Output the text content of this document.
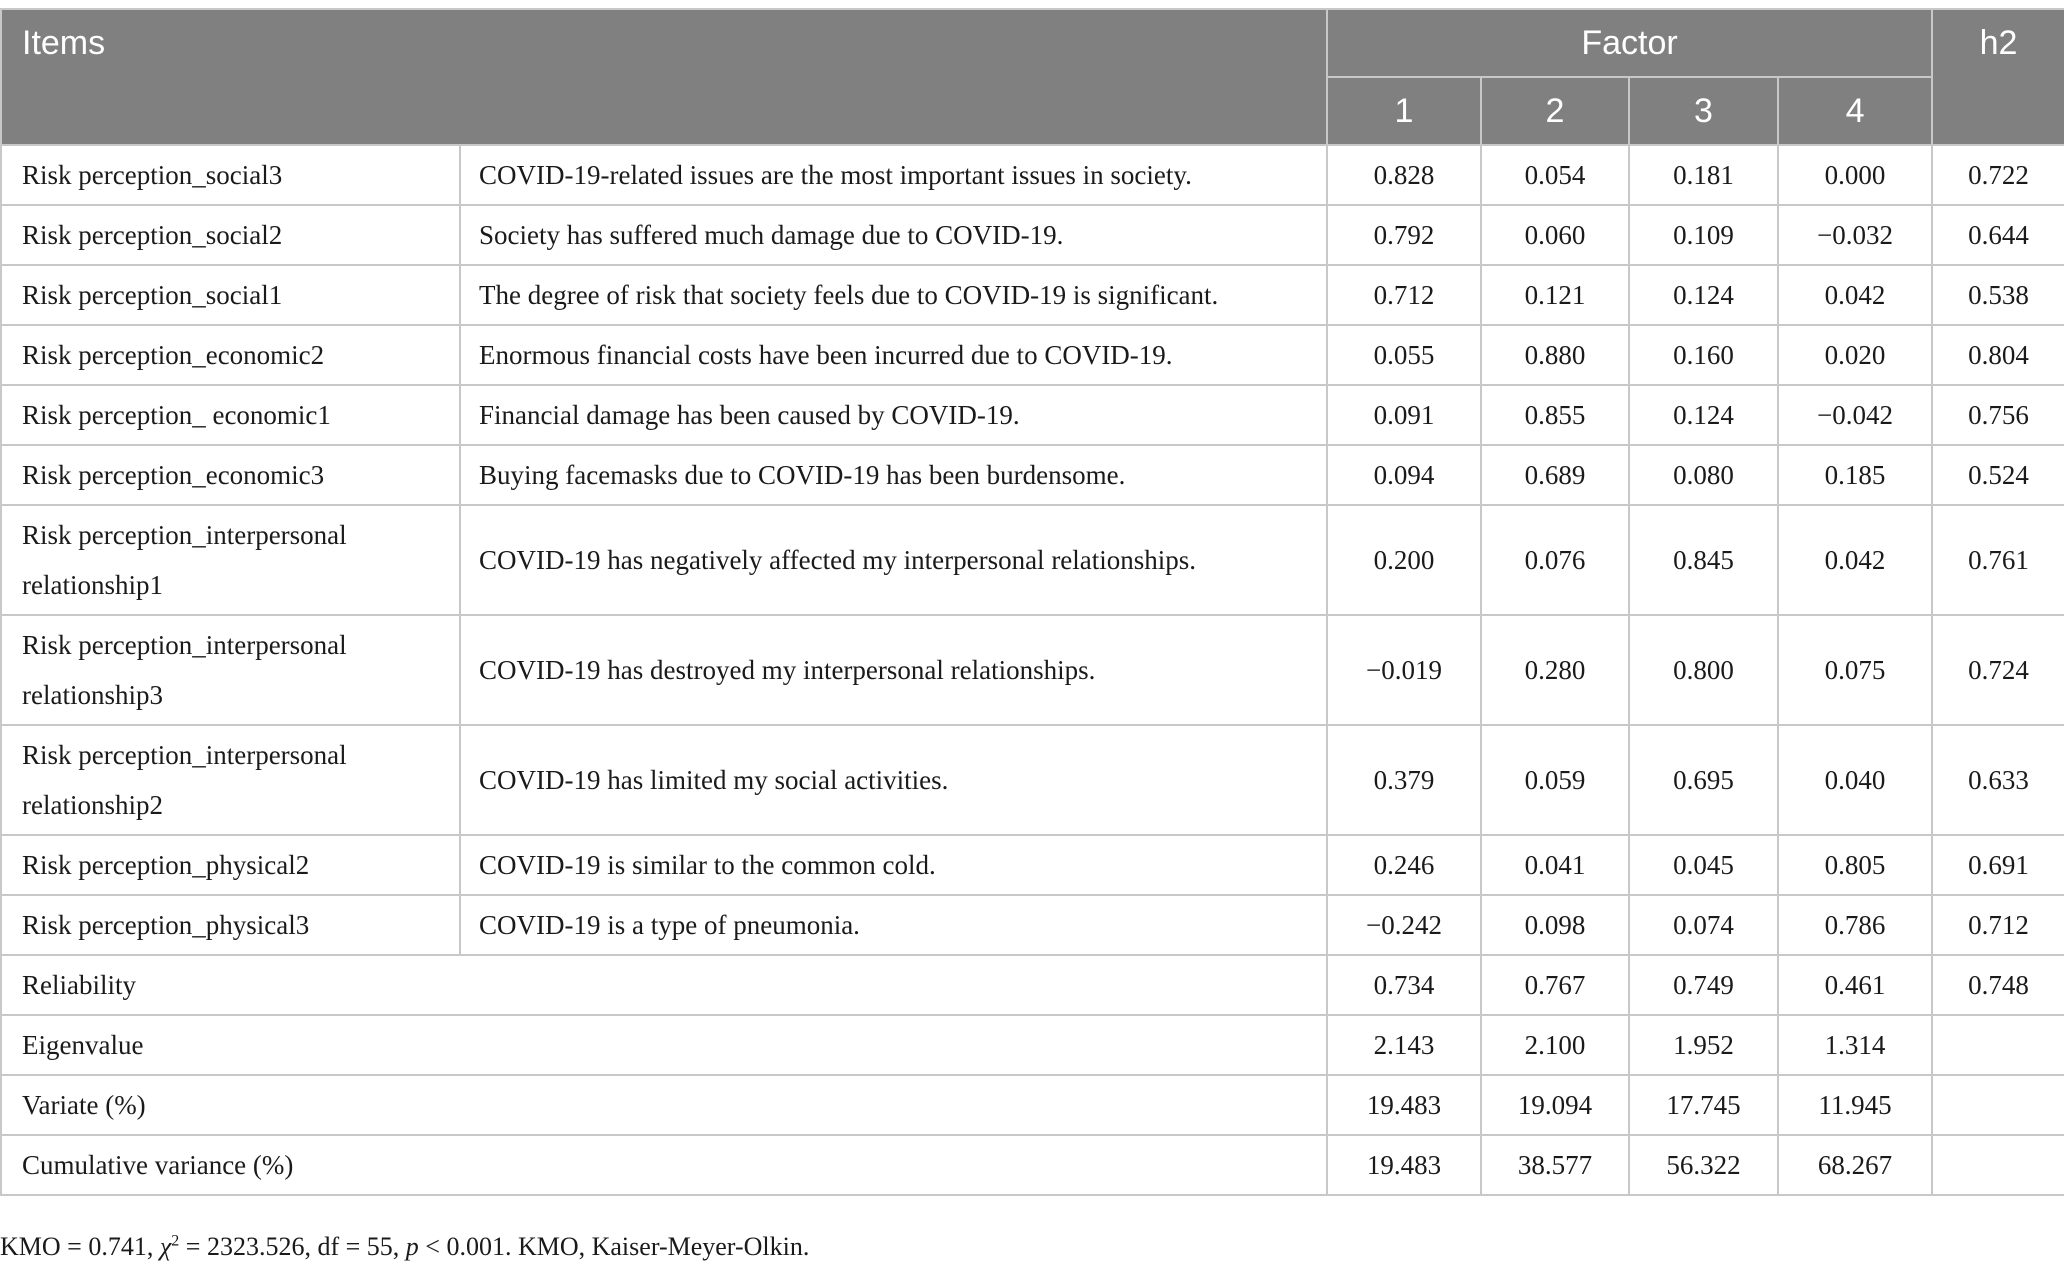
Items		Factor				h2
		1	2	3	4	
Risk perception_social3	COVID-19-related issues are the most important issues in society.	0.828	0.054	0.181	0.000	0.722
Risk perception_social2	Society has suffered much damage due to COVID-19.	0.792	0.060	0.109	−0.032	0.644
Risk perception_social1	The degree of risk that society feels due to COVID-19 is significant.	0.712	0.121	0.124	0.042	0.538
Risk perception_economic2	Enormous financial costs have been incurred due to COVID-19.	0.055	0.880	0.160	0.020	0.804
Risk perception_ economic1	Financial damage has been caused by COVID-19.	0.091	0.855	0.124	−0.042	0.756
Risk perception_economic3	Buying facemasks due to COVID-19 has been burdensome.	0.094	0.689	0.080	0.185	0.524
Risk perception_interpersonal relationship1	COVID-19 has negatively affected my interpersonal relationships.	0.200	0.076	0.845	0.042	0.761
Risk perception_interpersonal relationship3	COVID-19 has destroyed my interpersonal relationships.	−0.019	0.280	0.800	0.075	0.724
Risk perception_interpersonal relationship2	COVID-19 has limited my social activities.	0.379	0.059	0.695	0.040	0.633
Risk perception_physical2	COVID-19 is similar to the common cold.	0.246	0.041	0.045	0.805	0.691
Risk perception_physical3	COVID-19 is a type of pneumonia.	−0.242	0.098	0.074	0.786	0.712
Reliability		0.734	0.767	0.749	0.461	0.748
Eigenvalue		2.143	2.100	1.952	1.314	
Variate (%)		19.483	19.094	17.745	11.945	
Cumulative variance (%)		19.483	38.577	56.322	68.267	
KMO = 0.741, $\chi^2 = 2323.526$, df = 55, p < 0.001. KMO, Kaiser-Meyer-Olkin.
